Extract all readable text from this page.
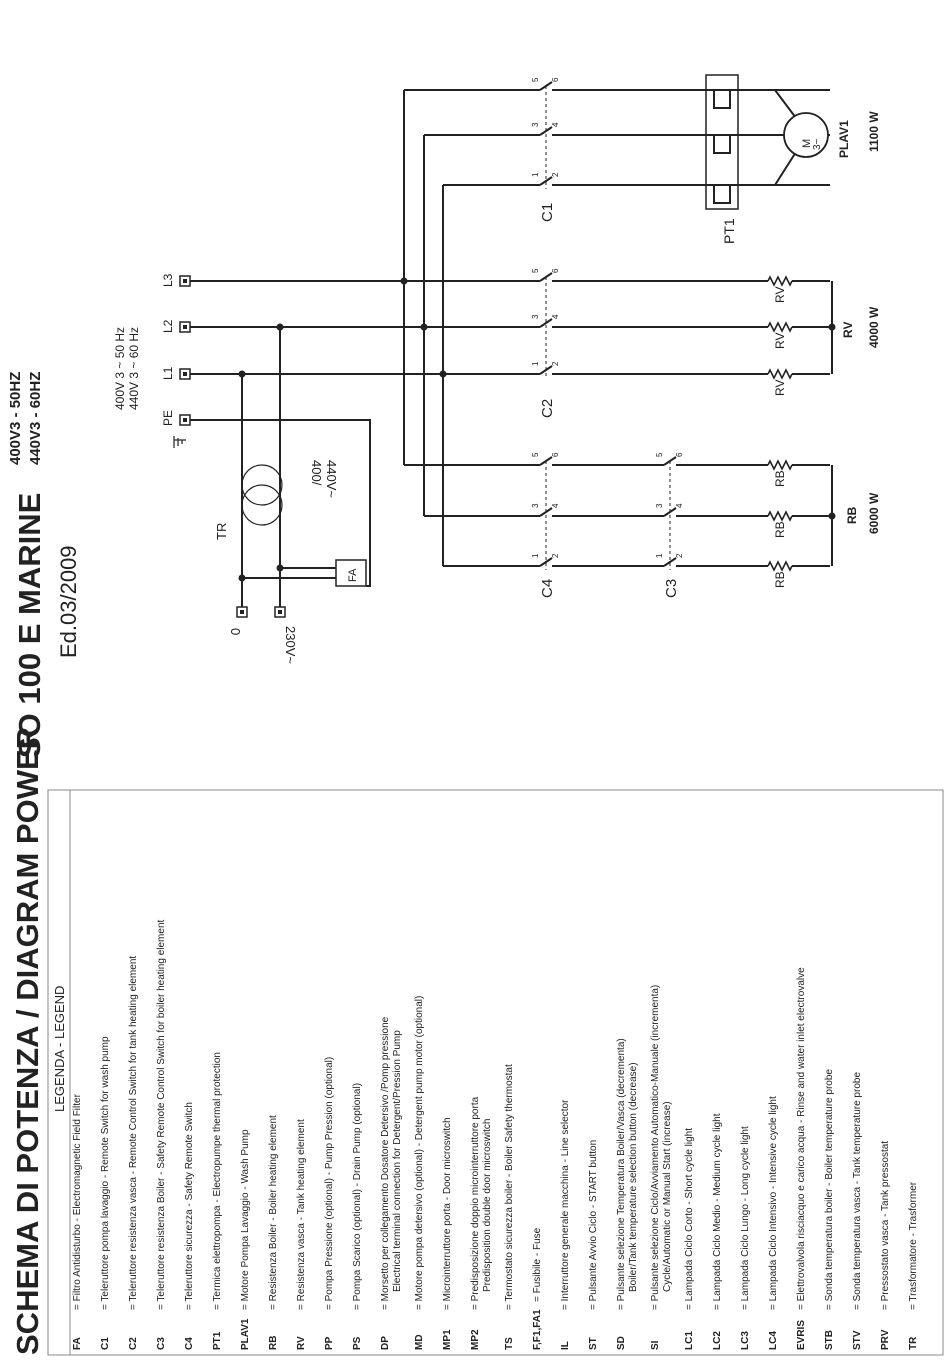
SCHEMA DI POTENZA / DIAGRAM POWER
SO 100 E MARINE Ed.03/2009
400V3 - 50HZ 440V3 - 60HZ
LEGENDA - LEGEND
FA
= Filtro Antidisturbo - Electromagnetic Field Filter
C1
= Teleruttore pompa lavaggio - Remote Switch for wash pump
C2
= Teleruttore resistenza vasca - Remote Control Switch for tank heating element
C3
= Teleruttore resistenza Boiler - Safety Remote Control Switch for boiler heating element
C4
= Teleruttore sicurezza - Safety Remote Switch
PT1
= Termica elettropompa - Electropumpe thermal protection
PLAV1
= Motore Pompa Lavaggio - Wash Pump
RB
= Resistenza Boiler - Boiler heating element
RV
= Resistenza vasca - Tank heating element
PP
= Pompa Pressione (optional) - Pump Pression (optional)
PS
= Pompa Scarico (optional) - Drain Pump (optional)
DP
= Morsetto per collegamento Dosatore Detersivo /Pomp pressione Electrical terminal connection for Detergent/Pression Pump
MD
= Motore pompa detersivo (optional) - Detergent pump motor (optional)
MP1
= Microinterruttore porta - Door microswitch
MP2
= Predisposizione doppio microinterruttore porta Predisposition double door microswitch
TS
= Termostato sicurezza boiler - Boiler Safety thermostat
F,F1,FA1
= Fusibile - Fuse
IL
= Interruttore generale macchina - Line selector
ST
= Pulsante Avvio Ciclo - START button
SD
= Pulsante selezione Temperatura Boiler/Vasca (decrementa) Boiler/Tank temperature selection button (decrease)
SI
= Pulsante selezione Ciclo/Avviamento Automatico-Manuale (incrementa) Cycle/Automatic or Manual Start (increase)
LC1
= Lampada Ciclo Corto - Short cycle light
LC2
= Lampada Ciclo Medio - Medium cycle light
LC3
= Lampada Ciclo Lungo - Long cycle light
LC4
= Lampada Ciclo Intensivo - Intensive cycle light
EVRIS
= Elettrovalvola risciacquo e carico acqua - Rinse and water inlet electrovalve
STB
= Sonda temperatura boiler - Boiler temperature probe
STV
= Sonda temperatura vasca - Tank temperature probe
PRV
= Pressostato vasca - Tank pressostat
TR
= Trasformatore - Trasformer
PE
L1
L2
L3
400V 3 ~ 50 Hz 440V 3 ~ 60 Hz
TR
400/ 440V~
FA
0	230V~
5 6
3 4
1 2
5 6
3 4
1 2
5 6
3 4
1 2
5 6
3 4
1 2
C1
C2
C3
C4
PT1
M 3~ PLAV1 1100 W
RV
RV
RV
RB
RB
RB
RV 4000 W
RB 6000 W
